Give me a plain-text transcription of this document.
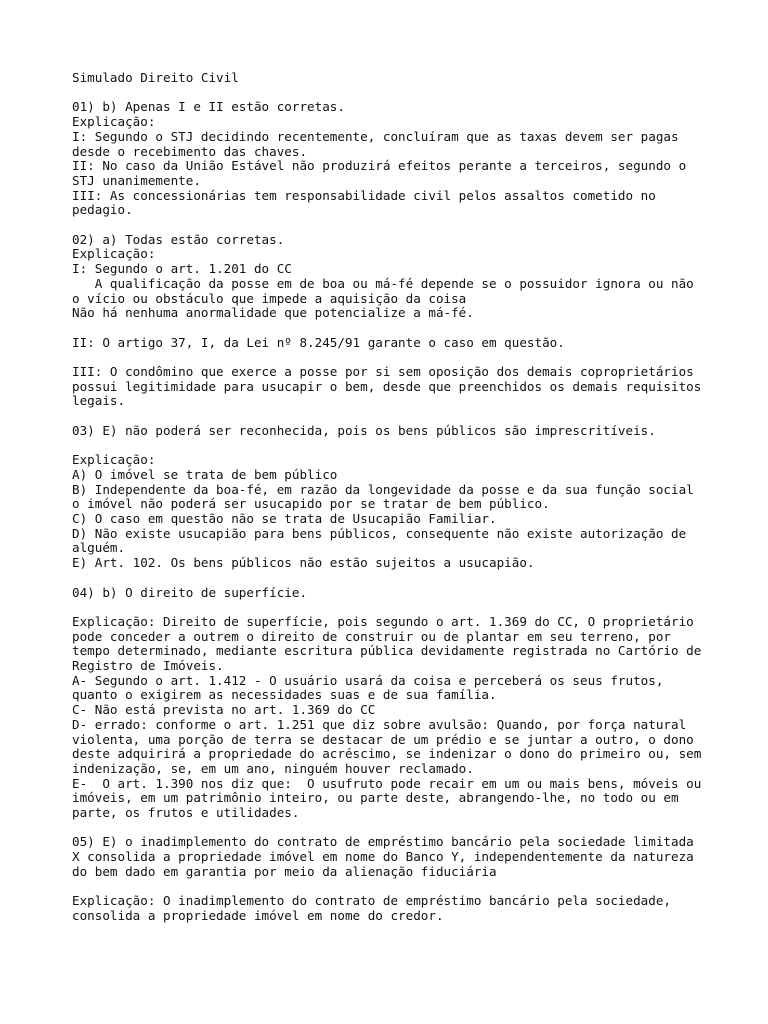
Simulado Direito Civil
01) b) Apenas I e II estão corretas.
Explicação:
I: Segundo o STJ decidindo recentemente, concluíram que as taxas devem ser pagas
desde o recebimento das chaves.
II: No caso da União Estável não produzirá efeitos perante a terceiros, segundo o
STJ unanimemente.
III: As concessionárias tem responsabilidade civil pelos assaltos cometido no
pedagio.
02) a) Todas estão corretas.
Explicação:
I: Segundo o art. 1.201 do CC
A qualificação da posse em de boa ou má-fé depende se o possuidor ignora ou não
o vício ou obstáculo que impede a aquisição da coisa
Não há nenhuma anormalidade que potencialize a má-fé.
II: O artigo 37, I, da Lei nº 8.245/91 garante o caso em questão.
III: O condômino que exerce a posse por si sem oposição dos demais coproprietários
possui legitimidade para usucapir o bem, desde que preenchidos os demais requisitos
legais.
03) E) não poderá ser reconhecida, pois os bens públicos são imprescritíveis.
Explicação:
A) O imóvel se trata de bem público
B) Independente da boa-fé, em razão da longevidade da posse e da sua função social
o imóvel não poderá ser usucapido por se tratar de bem público.
C) O caso em questão não se trata de Usucapião Familiar.
D) Não existe usucapião para bens públicos, consequente não existe autorização de
alguém.
E) Art. 102. Os bens públicos não estão sujeitos a usucapião.
04) b) O direito de superfície.
Explicação: Direito de superfície, pois segundo o art. 1.369 do CC, O proprietário
pode conceder a outrem o direito de construir ou de plantar em seu terreno, por
tempo determinado, mediante escritura pública devidamente registrada no Cartório de
Registro de Imóveis.
A- Segundo o art. 1.412 - O usuário usará da coisa e perceberá os seus frutos,
quanto o exigirem as necessidades suas e de sua família.
C- Não está prevista no art. 1.369 do CC
D- errado: conforme o art. 1.251 que diz sobre avulsão: Quando, por força natural
violenta, uma porção de terra se destacar de um prédio e se juntar a outro, o dono
deste adquirirá a propriedade do acréscimo, se indenizar o dono do primeiro ou, sem
indenização, se, em um ano, ninguém houver reclamado.
E-  O art. 1.390 nos diz que:  O usufruto pode recair em um ou mais bens, móveis ou
imóveis, em um patrimônio inteiro, ou parte deste, abrangendo-lhe, no todo ou em
parte, os frutos e utilidades.
05) E) o inadimplemento do contrato de empréstimo bancário pela sociedade limitada
X consolida a propriedade imóvel em nome do Banco Y, independentemente da natureza
do bem dado em garantia por meio da alienação fiduciária
Explicação: O inadimplemento do contrato de empréstimo bancário pela sociedade,
consolida a propriedade imóvel em nome do credor.
